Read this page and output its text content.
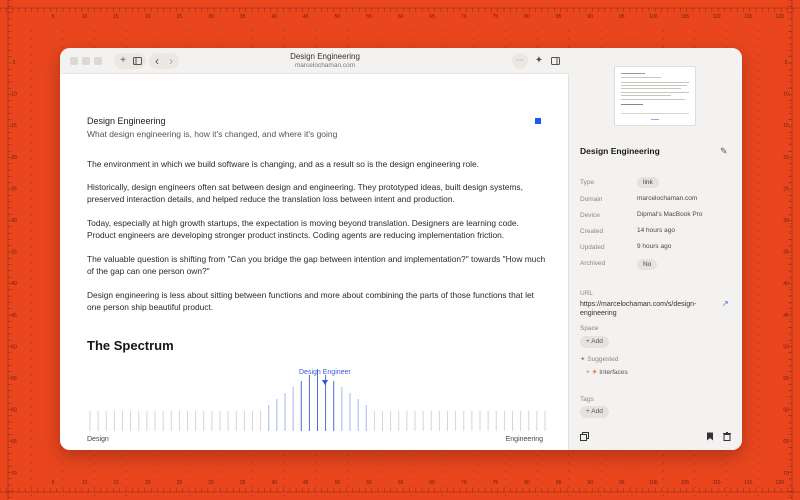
5
5
10
10
15
15
20
20
25
25
30
30
35
35
40
40
45
45
50
50
55
55
60
60
65
65
70
70
75
75
80
80
85
85
90
90
95
95
100
100
105
105
110
110
115
115
120
120
5	5
10	10
15	15
20	20
25	25
30	30
35	35
40	40
45	45
50	50
55	55
60	60
65	65
70	70
+	‹ ›	Design Engineering
marcelochaman.com
···	✦
Design Engineering
What design engineering is, how it's changed, and where it's going
The environment in which we build software is changing, and as a result so is the design engineering role.
Historically, design engineers often sat between design and engineering. They prototyped ideas, built design systems, preserved interaction details, and helped reduce the translation loss between intent and production.
Today, especially at high growth startups, the expectation is moving beyond translation. Designers are learning code. Product engineers are developing stronger product instincts. Coding agents are reducing implementation friction.
The valuable question is shifting from "Can you bridge the gap between intention and implementation?" towards "How much of the gap can one person own?"
Design engineering is less about sitting between functions and more about combining the parts of those functions that let one person ship beautiful product.
The Spectrum
Design Engineer
Design	Engineering
Design Engineering	✎
Type	link
Domain	marcelochaman.com
Device	Dipmal's MacBook Pro
Created	14 hours ago
Updated	9 hours ago
Archived	No
URL
https://marcelochaman.com/s/design-engineering
↗
Space
+ Add
✦ Suggested
+ ☀ Interfaces
Tags
+ Add
